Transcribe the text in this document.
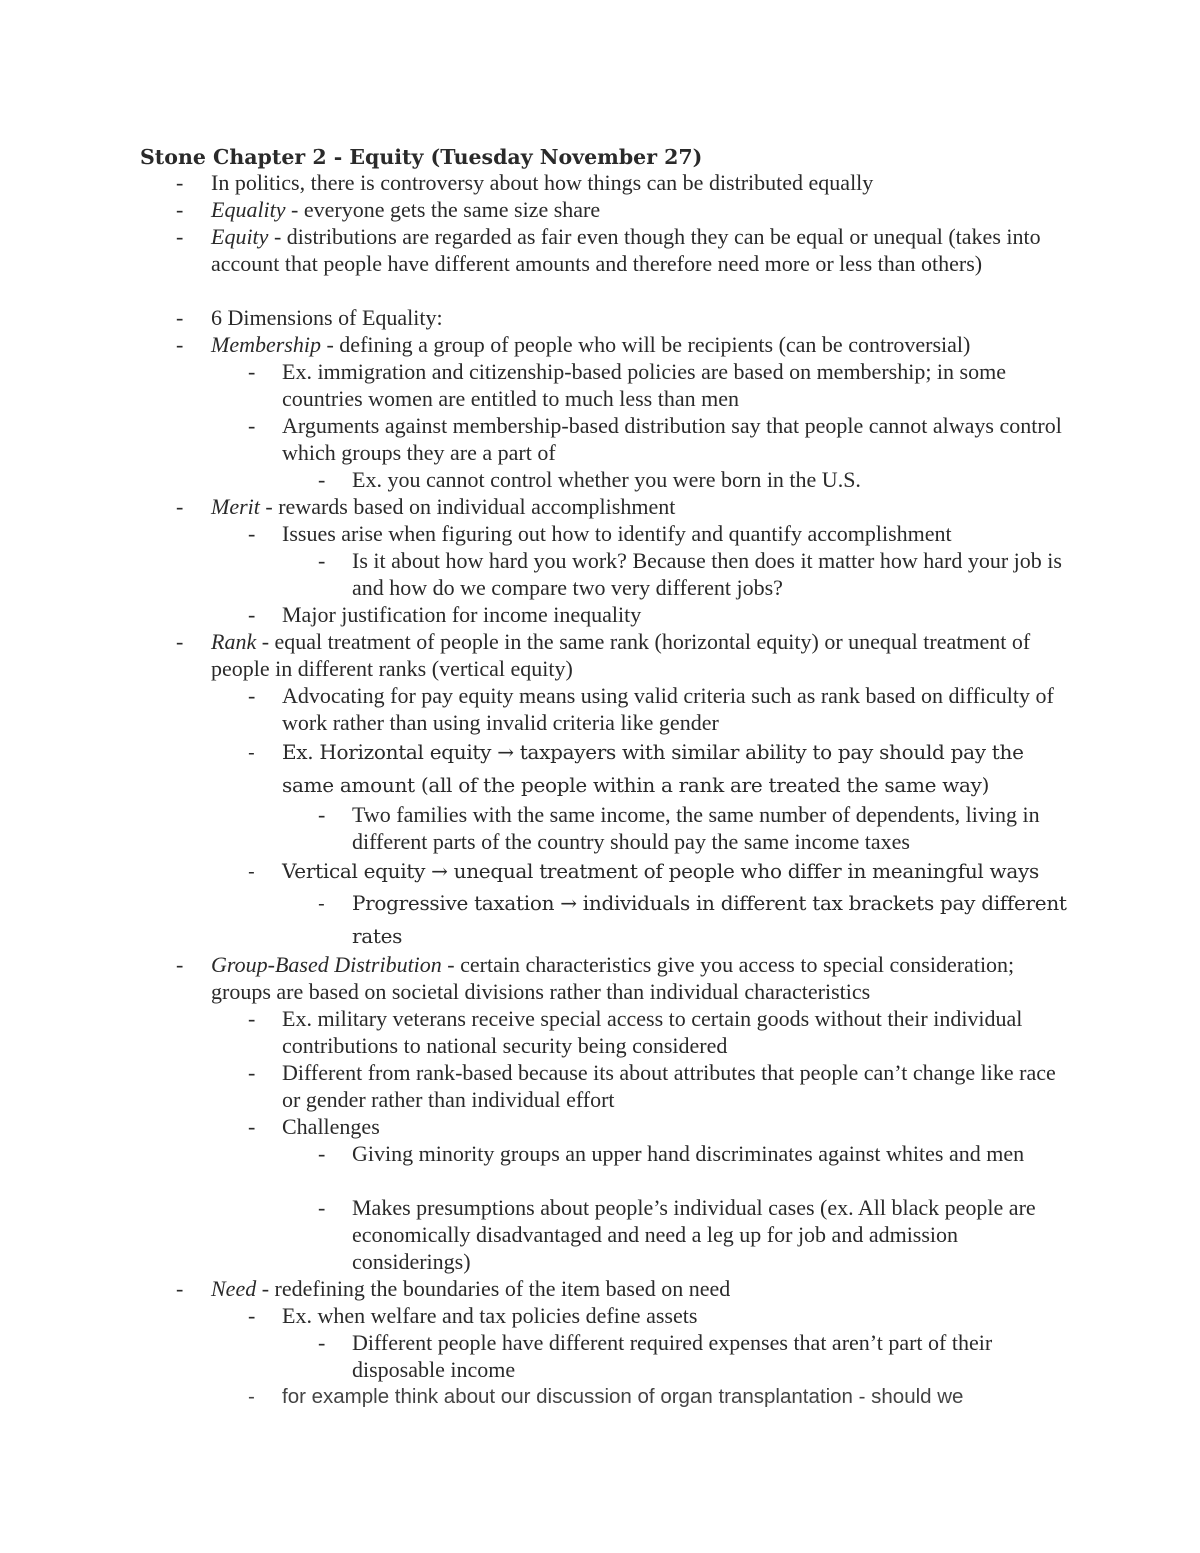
Stone Chapter 2 - Equity (Tuesday November 27)
- In politics, there is controversy about how things can be distributed equally
- Equality - everyone gets the same size share
- Equity - distributions are regarded as fair even though they can be equal or unequal (takes into account that people have different amounts and therefore need more or less than others)
- 6 Dimensions of Equality:
- Membership - defining a group of people who will be recipients (can be controversial)
- Ex. immigration and citizenship-based policies are based on membership; in some countries women are entitled to much less than men
- Arguments against membership-based distribution say that people cannot always control which groups they are a part of
- Ex. you cannot control whether you were born in the U.S.
- Merit - rewards based on individual accomplishment
- Issues arise when figuring out how to identify and quantify accomplishment
- Is it about how hard you work? Because then does it matter how hard your job is and how do we compare two very different jobs?
- Major justification for income inequality
- Rank - equal treatment of people in the same rank (horizontal equity) or unequal treatment of people in different ranks (vertical equity)
- Advocating for pay equity means using valid criteria such as rank based on difficulty of work rather than using invalid criteria like gender
- Ex. Horizontal equity → taxpayers with similar ability to pay should pay the same amount (all of the people within a rank are treated the same way)
- Two families with the same income, the same number of dependents, living in different parts of the country should pay the same income taxes
- Vertical equity → unequal treatment of people who differ in meaningful ways
- Progressive taxation → individuals in different tax brackets pay different rates
- Group-Based Distribution - certain characteristics give you access to special consideration; groups are based on societal divisions rather than individual characteristics
- Ex. military veterans receive special access to certain goods without their individual contributions to national security being considered
- Different from rank-based because its about attributes that people can’t change like race or gender rather than individual effort
- Challenges
- Giving minority groups an upper hand discriminates against whites and men
- Makes presumptions about people’s individual cases (ex. All black people are economically disadvantaged and need a leg up for job and admission considerings)
- Need - redefining the boundaries of the item based on need
- Ex. when welfare and tax policies define assets
- Different people have different required expenses that aren’t part of their disposable income
- for example think about our discussion of organ transplantation - should we
